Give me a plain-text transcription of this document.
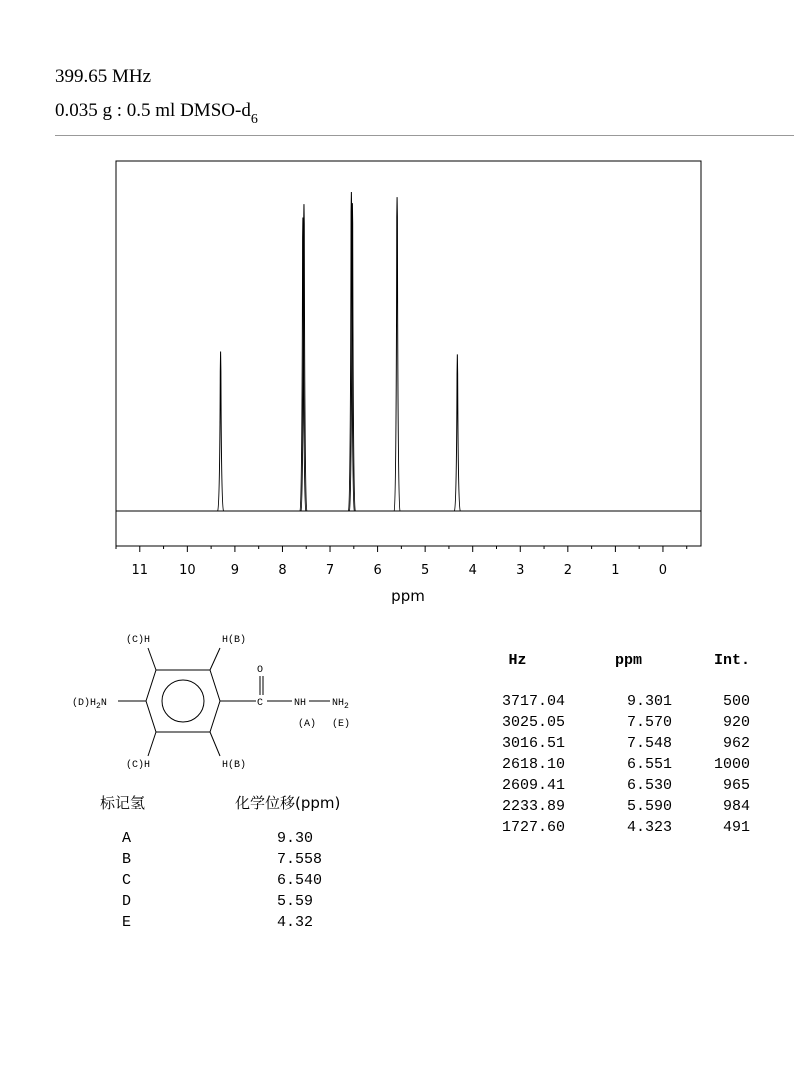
399.65 MHz
0.035 g : 0.5 ml DMSO-$d_6$
11 10	9	8	7	6	5	4	3	2	1	0
ppm
(C)H	H(B)
$(D)H_2N$
O
C	NH	$NH_2$
(A) (E)
(C)H	H(B)
Hz	ppm	Int.

3717.04	9.301	500
3025.05	7.570	920
3016.51	7.548	962
2618.10	6.551	1000
2609.41	6.530	965
2233.89	5.590	984
1727.60	4.323	491
标记氢	化学位移(ppm)
A	9.30
B	7.558
C	6.540
D	5.59
E	4.32
